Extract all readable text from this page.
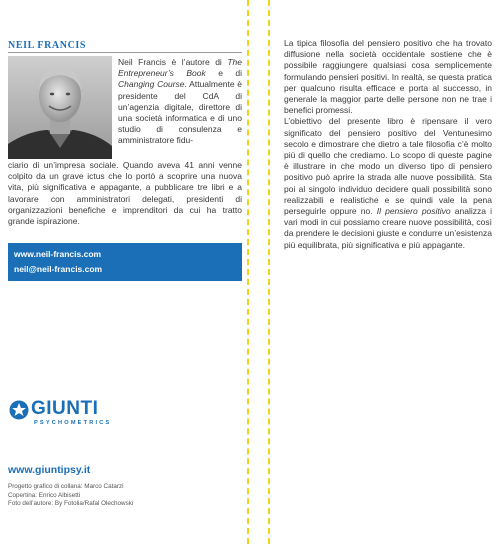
NEIL FRANCIS
Neil Francis è l’autore di The Entrepreneur’s Book e di Changing Course. Attualmente è presidente del CdA di un’agenzia digitale, direttore di una società informatica e di uno studio di consulenza e amministratore fidu-
ciario di un’impresa sociale. Quando aveva 41 anni venne colpito da un grave ictus che lo portò a scoprire una nuova vita, più significativa e appagante, a pubblicare tre libri e a lavorare con amministratori delegati, presidenti di organizzazioni benefiche e imprenditori da cui ha tratto grande ispirazione.
www.neil-francis.com
neil@neil-francis.com
GIUNTI
PSYCHOMETRICS
www.giuntipsy.it
Progetto grafico di collana: Marco Catarzi
Copertina: Enrico Albisetti
Foto dell’autore: By Fotolia/Rafal Olechowski

La tipica filosofia del pensiero positivo che ha trovato diffusione nella società occidentale sostiene che è possibile raggiungere qualsiasi cosa semplicemente formulando pensieri positivi. In realtà, se questa pratica per qualcuno risulta efficace e porta al successo, in generale la maggior parte delle persone non ne trae i benefici promessi.

L’obiettivo del presente libro è ripensare il vero significato del pensiero positivo del Ventunesimo secolo e dimostrare che dietro a tale filosofia c’è molto più di quello che crediamo. Lo scopo di queste pagine è illustrare in che modo un diverso tipo di pensiero positivo può aprire la strada alle nuove possibilità. Sta poi al singolo individuo decidere quali possibilità sono realizzabili e realistiche e se quindi vale la pena perseguirle oppure no. Il pensiero positivo analizza i vari modi in cui possiamo creare nuove possibilità, così da prendere le decisioni giuste e condurre un’esistenza più equilibrata, più significativa e più appagante.
